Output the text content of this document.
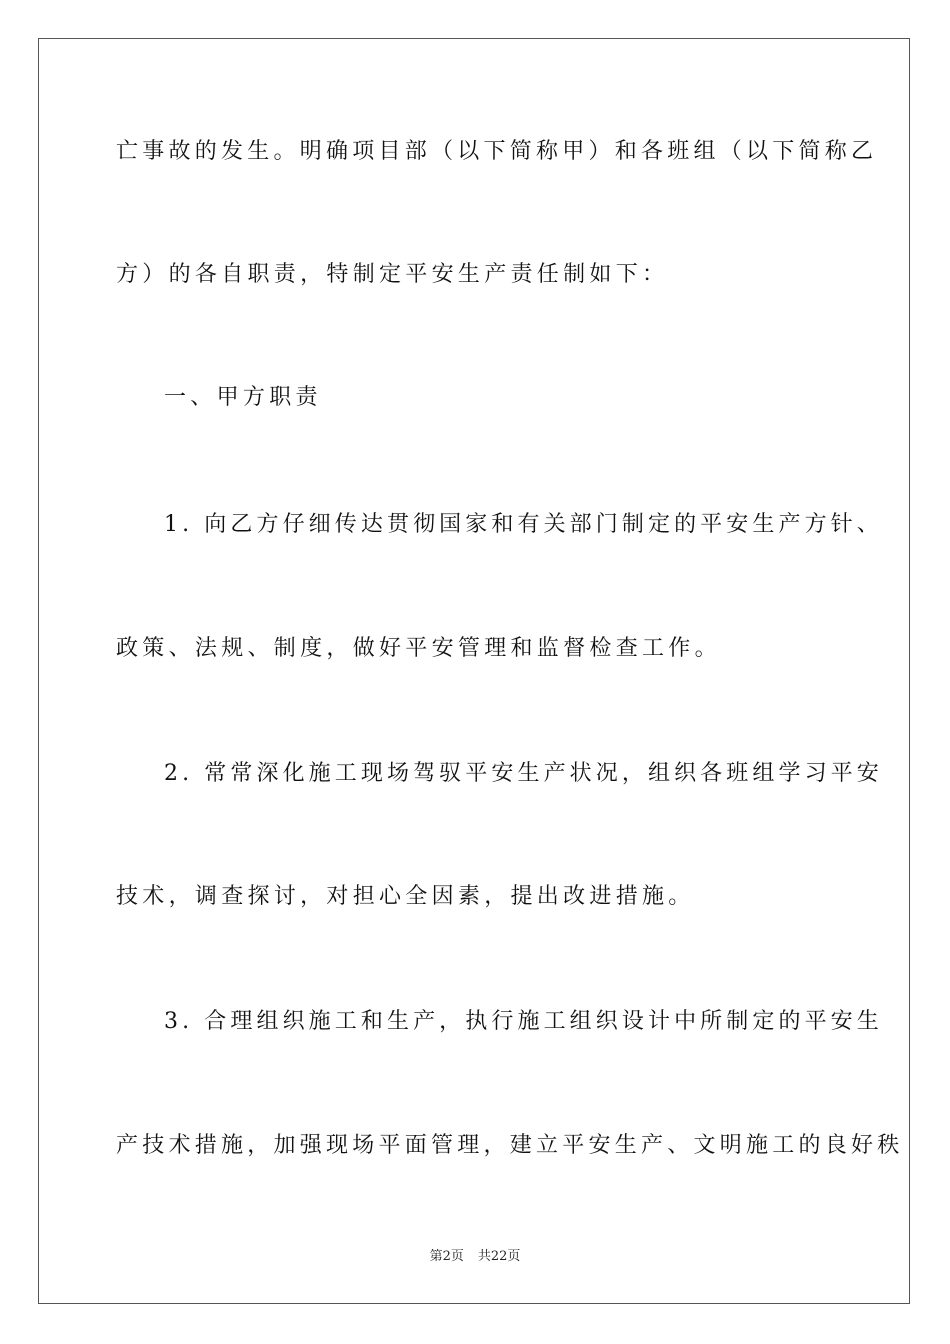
亡事故的发生。明确项目部（以下简称甲）和各班组（以下简称乙
方）的各自职责，特制定平安生产责任制如下：
一、甲方职责
1. 向乙方仔细传达贯彻国家和有关部门制定的平安生产方针、
政策、法规、制度，做好平安管理和监督检查工作。
2. 常常深化施工现场驾驭平安生产状况，组织各班组学习平安
技术，调查探讨，对担心全因素，提出改进措施。
3. 合理组织施工和生产，执行施工组织设计中所制定的平安生
产技术措施，加强现场平面管理，建立平安生产、文明施工的良好秩
第2页 共22页
